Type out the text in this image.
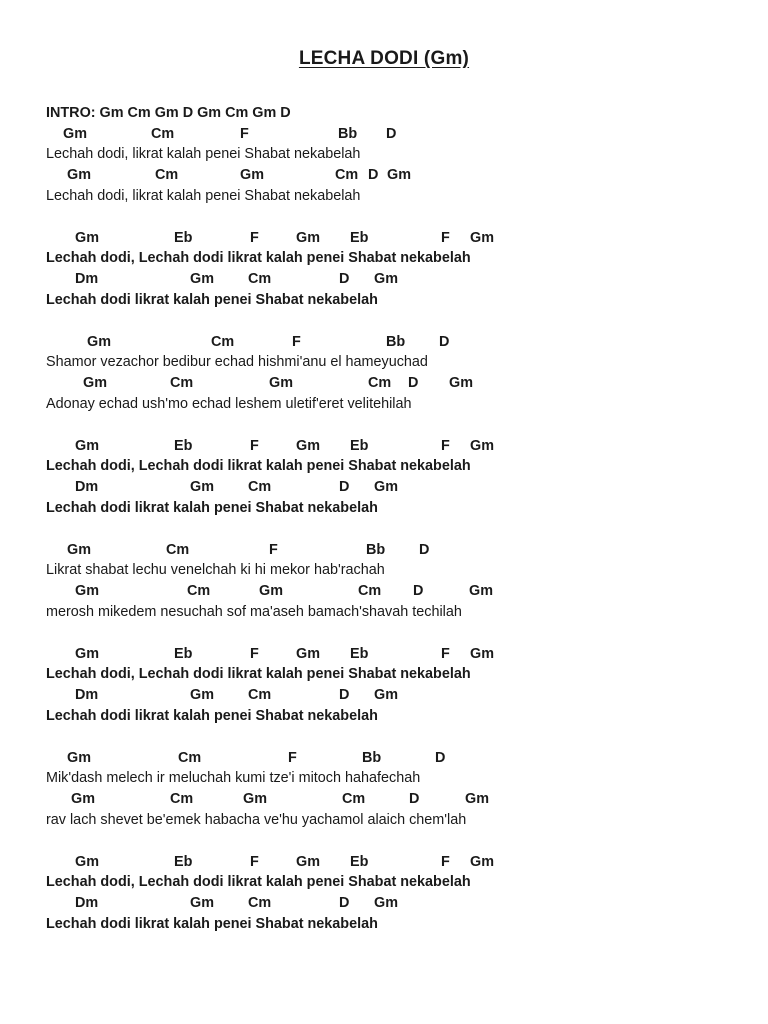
LECHA DODI (Gm)
INTRO: Gm Cm Gm D Gm Cm Gm D
Gm	Cm	F	Bb D
Lechah dodi, likrat kalah penei Shabat nekabelah
Gm	Cm	Gm	Cm D Gm
Lechah dodi, likrat kalah penei Shabat nekabelah
Gm	Eb	F	Gm Eb	F Gm
Lechah dodi, Lechah dodi likrat kalah penei Shabat nekabelah
Dm	Gm Cm	D Gm
Lechah dodi likrat kalah penei Shabat nekabelah
Gm	Cm	F	Bb D
Shamor vezachor bedibur echad hishmi'anu el hameyuchad
Gm	Cm	Gm	Cm D Gm
Adonay echad ush'mo echad leshem uletif'eret velitehilah
Gm	Eb	F	Gm Eb	F Gm
Lechah dodi, Lechah dodi likrat kalah penei Shabat nekabelah
Dm	Gm Cm	D Gm
Lechah dodi likrat kalah penei Shabat nekabelah
Gm	Cm	F	Bb D
Likrat shabat lechu venelchah ki hi mekor hab'rachah
Gm	Cm	Gm	Cm D	Gm
merosh mikedem nesuchah sof ma'aseh bamach'shavah techilah
Gm	Eb	F	Gm Eb	F Gm
Lechah dodi, Lechah dodi likrat kalah penei Shabat nekabelah
Dm	Gm Cm	D Gm
Lechah dodi likrat kalah penei Shabat nekabelah
Gm	Cm	F	Bb	D
Mik'dash melech ir meluchah kumi tze'i mitoch hahafechah
Gm	Cm	Gm	Cm	D	Gm
rav lach shevet be'emek habacha ve'hu yachamol alaich chem'lah
Gm	Eb	F	Gm Eb	F Gm
Lechah dodi, Lechah dodi likrat kalah penei Shabat nekabelah
Dm	Gm Cm	D Gm
Lechah dodi likrat kalah penei Shabat nekabelah
